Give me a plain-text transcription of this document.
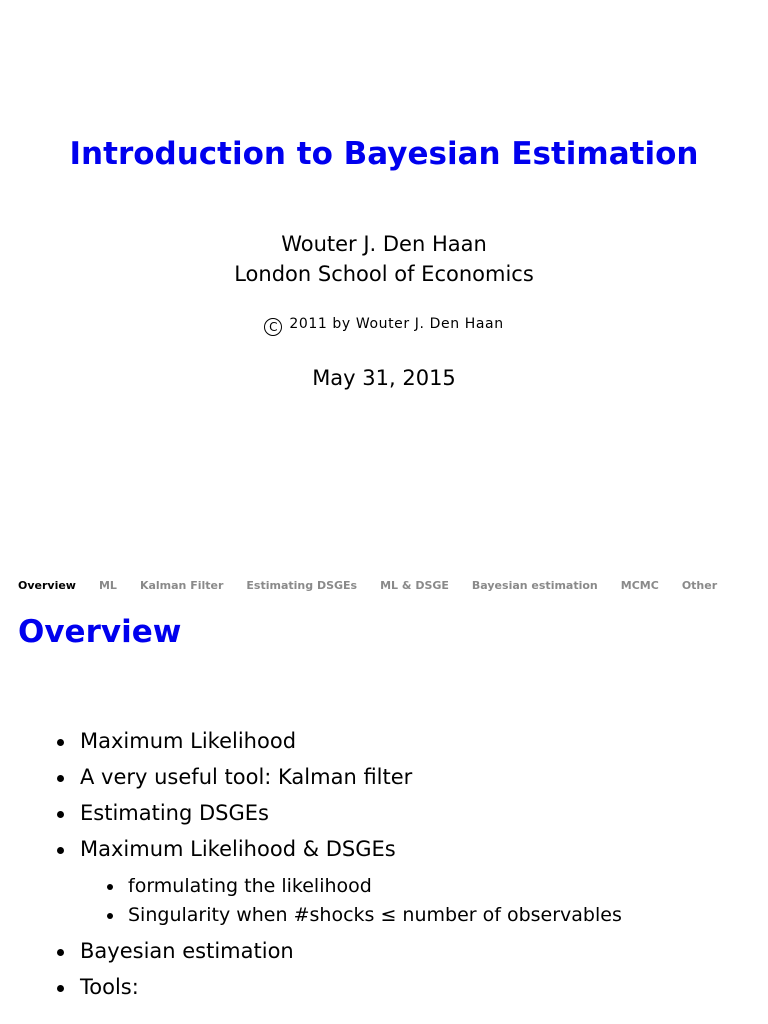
Introduction to Bayesian Estimation
Wouter J. Den Haan
London School of Economics
C 2011 by Wouter J. Den Haan
May 31, 2015
Overview ML Kalman Filter Estimating DSGEs ML & DSGE Bayesian estimation MCMC Other
Overview
Maximum Likelihood
A very useful tool: Kalman filter
Estimating DSGEs
Maximum Likelihood & DSGEs
formulating the likelihood
Singularity when #shocks ≤ number of observables
Bayesian estimation
Tools:
